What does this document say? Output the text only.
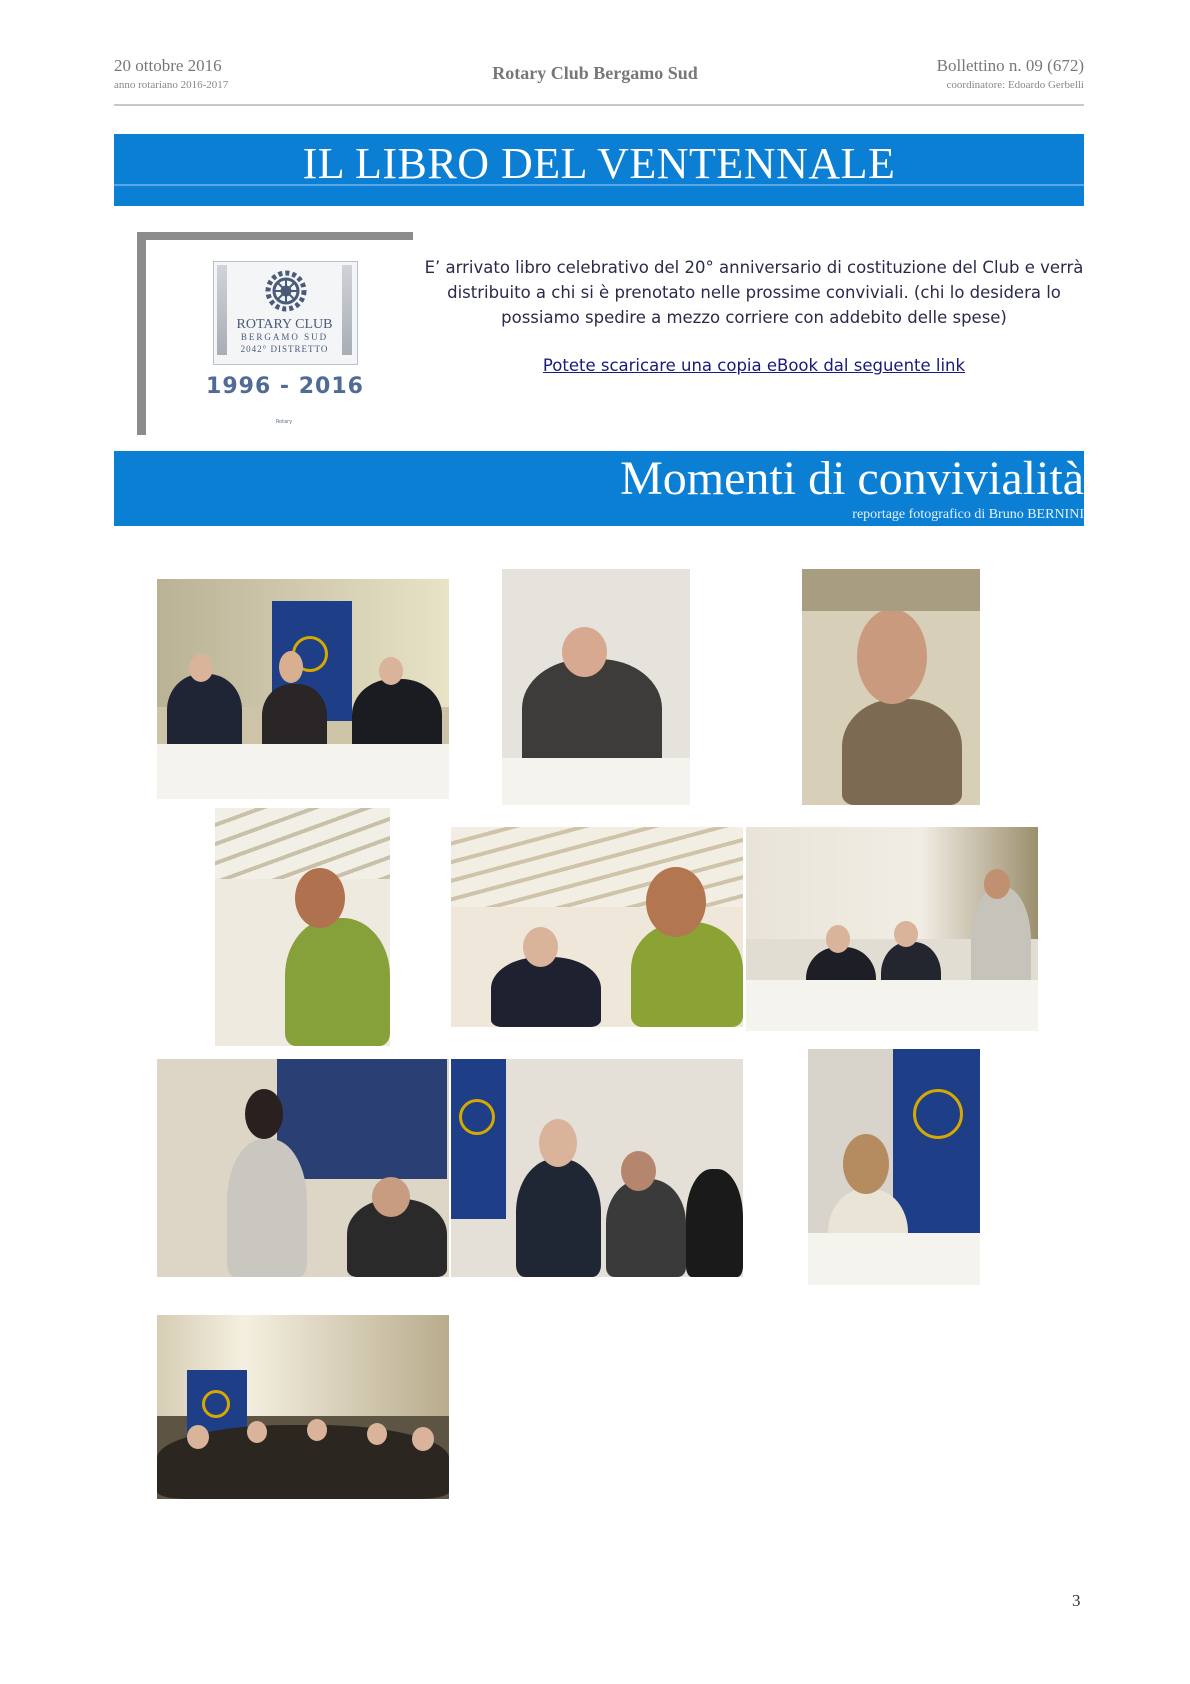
20 ottobre 2016
anno rotariano 2016-2017
Rotary Club Bergamo Sud	Bollettino n. 09 (672)
coordinatore: Edoardo Gerbelli
IL LIBRO DEL VENTENNALE
ROTARY CLUB
BERGAMO SUD
2042° DISTRETTO
1996 - 2016
Rotary
E’ arrivato libro celebrativo del 20° anniversario di costituzione del Club e verrà distribuito a chi si è prenotato nelle prossime conviviali. (chi lo desidera lo possiamo spedire a mezzo corriere con addebito delle spese)
Potete scaricare una copia eBook dal seguente link
Momenti di convivialità
reportage fotografico di Bruno BERNINI
3
